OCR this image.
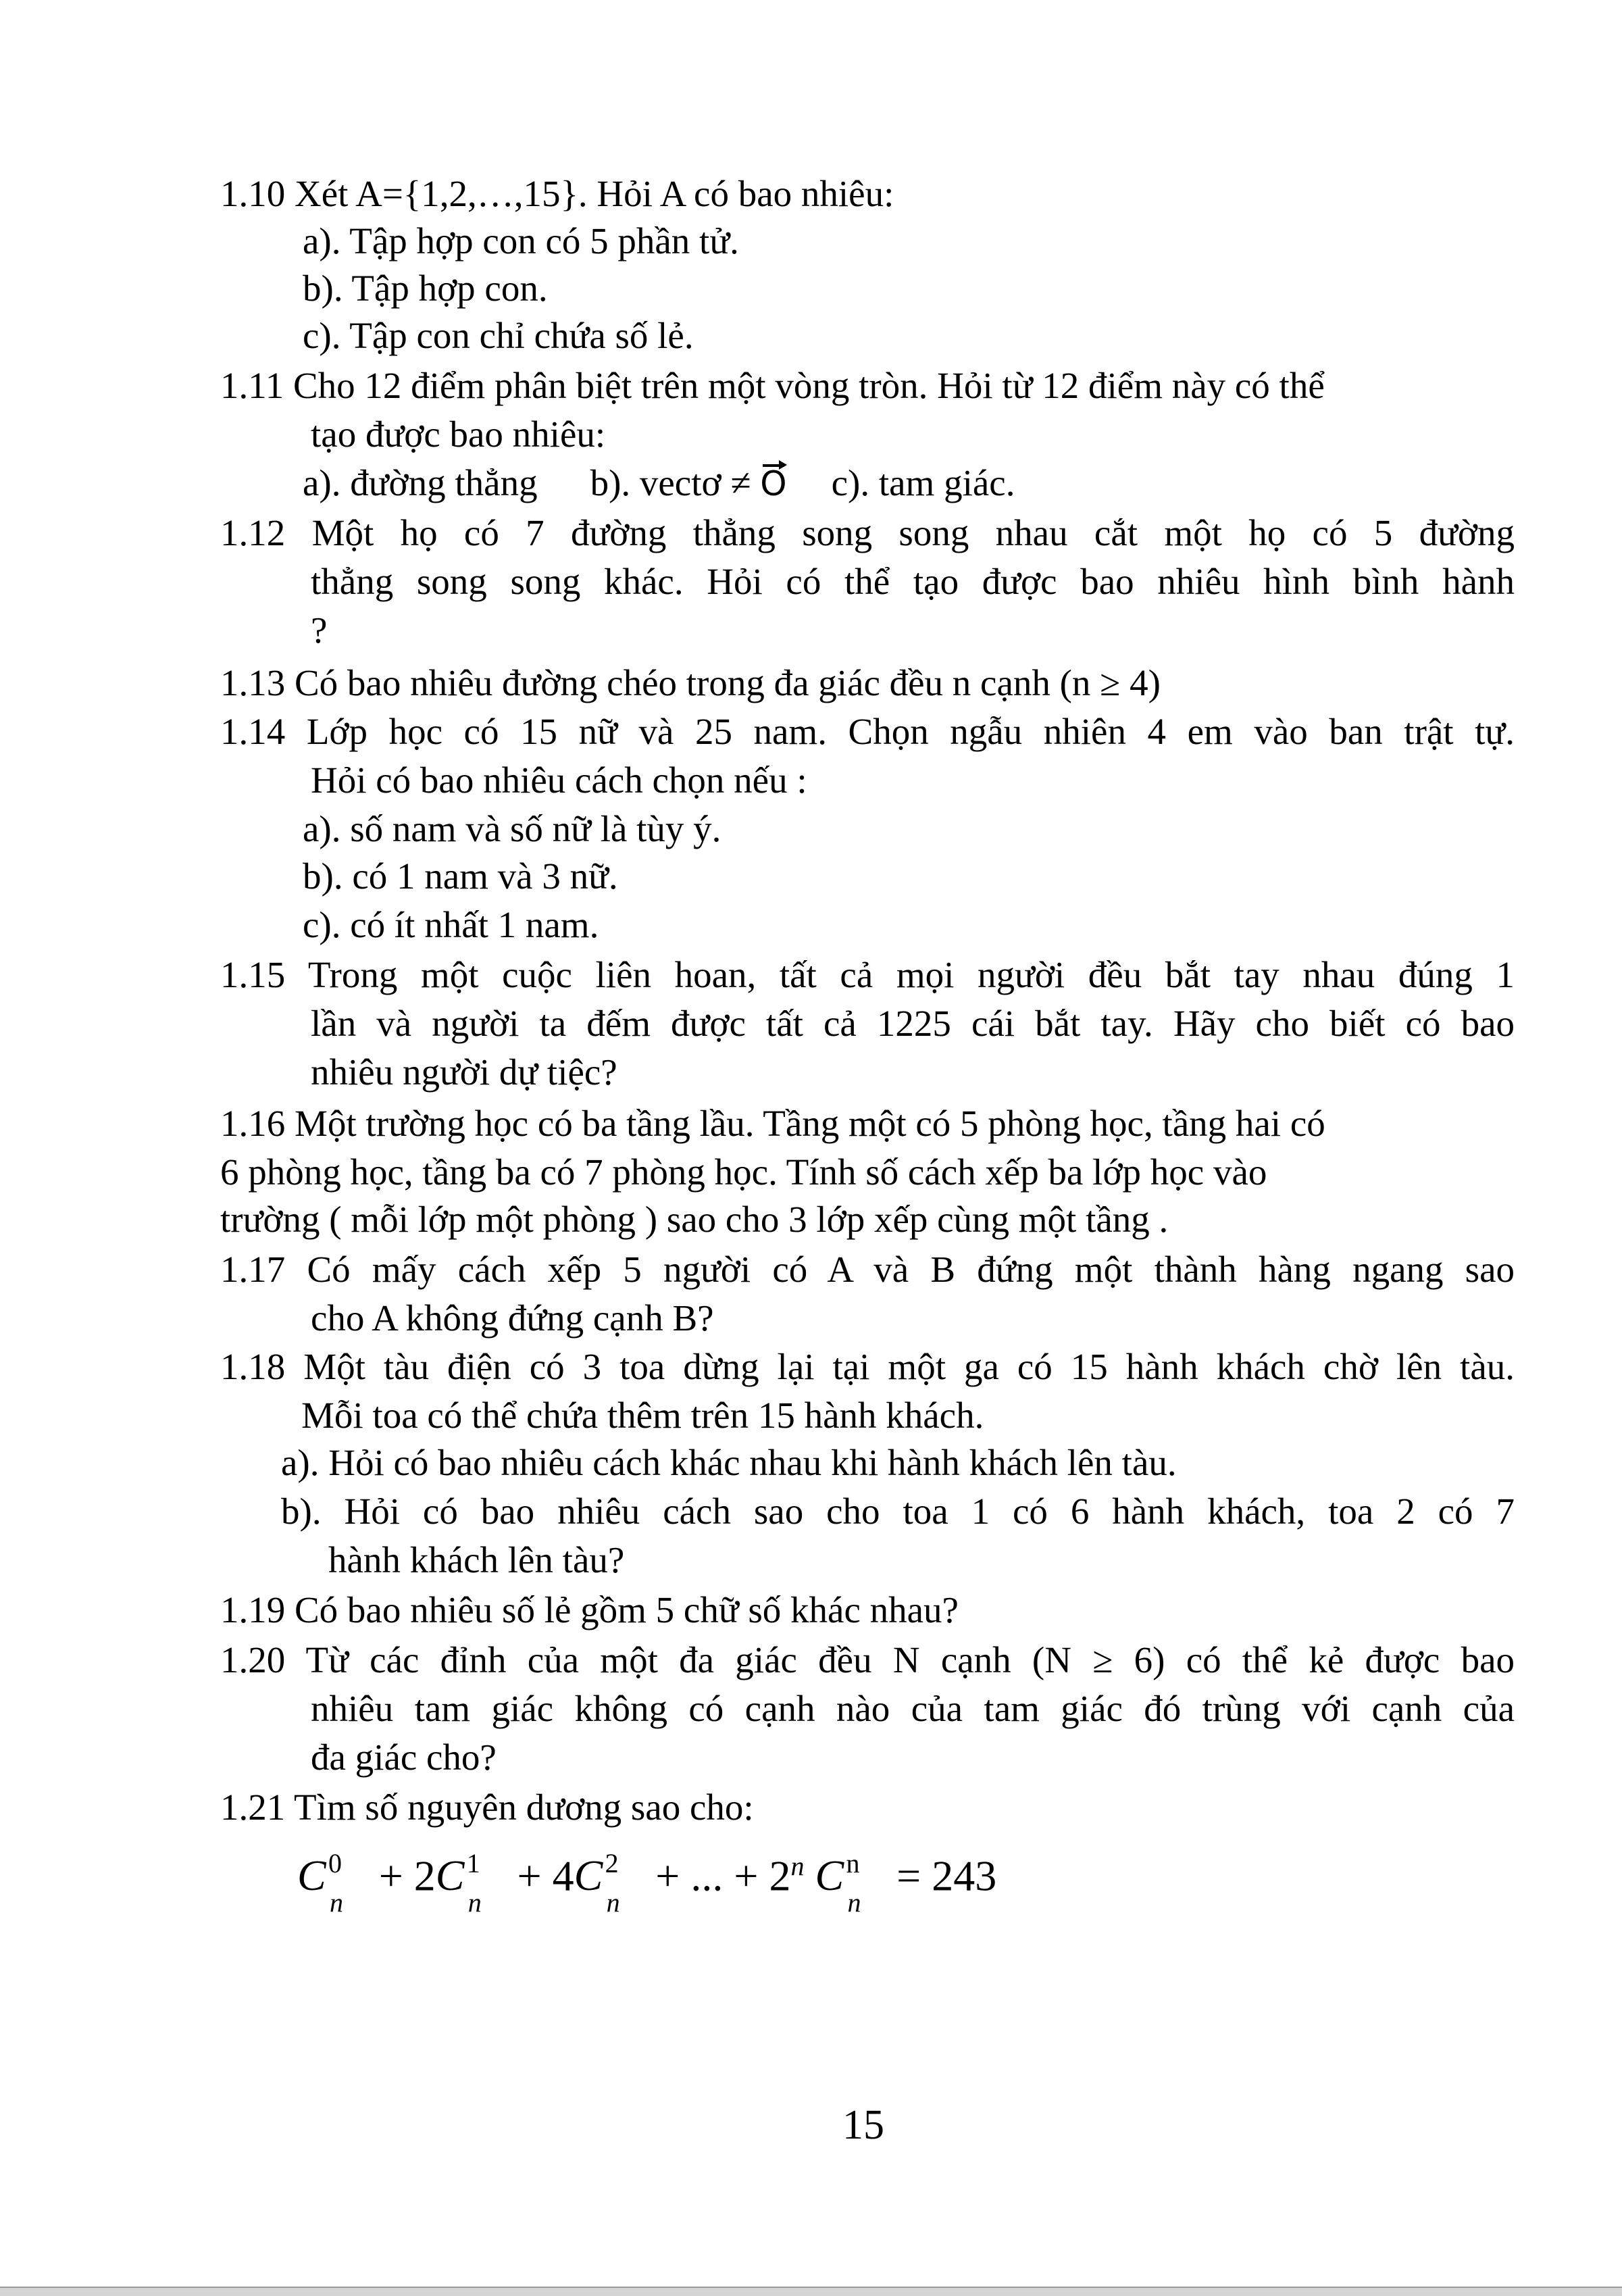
1.10 Xét A={1,2,…,15}. Hỏi A có bao nhiêu:
a). Tập hợp con có 5 phần tử.
b). Tập hợp con.
c). Tập con chỉ chứa số lẻ.
1.11 Cho 12 điểm phân biệt trên một vòng tròn. Hỏi từ 12 điểm này có thể
tạo được bao nhiêu:
a). đường thẳng b). vectơ ≠ O c). tam giác.
1.12 Một họ có 7 đường thẳng song song nhau cắt một họ có 5 đường
thẳng song song khác. Hỏi có thể tạo được bao nhiêu hình bình hành
?
1.13 Có bao nhiêu đường chéo trong đa giác đều n cạnh (n ≥ 4)
1.14 Lớp học có 15 nữ và 25 nam. Chọn ngẫu nhiên 4 em vào ban trật tự.
Hỏi có bao nhiêu cách chọn nếu :
a). số nam và số nữ là tùy ý.
b). có 1 nam và 3 nữ.
c). có ít nhất 1 nam.
1.15 Trong một cuộc liên hoan, tất cả mọi người đều bắt tay nhau đúng 1
lần và người ta đếm được tất cả 1225 cái bắt tay. Hãy cho biết có bao
nhiêu người dự tiệc?
1.16 Một trường học có ba tầng lầu. Tầng một có 5 phòng học, tầng hai có
6 phòng học, tầng ba có 7 phòng học. Tính số cách xếp ba lớp học vào
trường ( mỗi lớp một phòng ) sao cho 3 lớp xếp cùng một tầng .
1.17 Có mấy cách xếp 5 người có A và B đứng một thành hàng ngang sao
cho A không đứng cạnh B?
1.18 Một tàu điện có 3 toa dừng lại tại một ga có 15 hành khách chờ lên tàu.
Mỗi toa có thể chứa thêm trên 15 hành khách.
a). Hỏi có bao nhiêu cách khác nhau khi hành khách lên tàu.
b). Hỏi có bao nhiêu cách sao cho toa 1 có 6 hành khách, toa 2 có 7
hành khách lên tàu?
1.19 Có bao nhiêu số lẻ gồm 5 chữ số khác nhau?
1.20 Từ các đỉnh của một đa giác đều N cạnh (N ≥ 6) có thể kẻ được bao
nhiêu tam giác không có cạnh nào của tam giác đó trùng với cạnh của
đa giác cho?
1.21 Tìm số nguyên dương sao cho:
C 0
n
+ 2C 1
n
+ 4C 2
n
+ ... + $2^n$ C n
n
= 243
15
